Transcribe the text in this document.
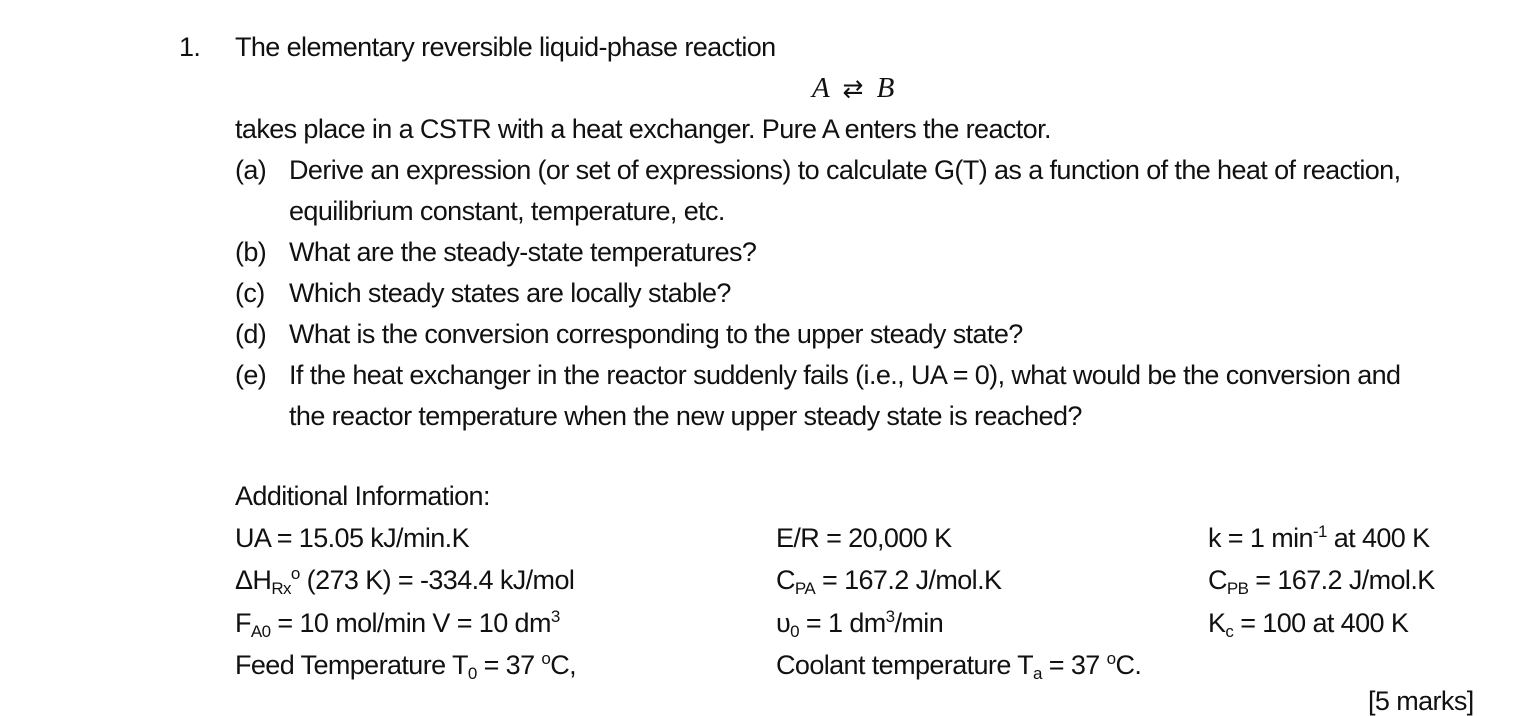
1. The elementary reversible liquid-phase reaction
A ⇄ B
takes place in a CSTR with a heat exchanger. Pure A enters the reactor.
(a) Derive an expression (or set of expressions) to calculate G(T) as a function of the heat of reaction,
equilibrium constant, temperature, etc.
(b) What are the steady-state temperatures?
(c) Which steady states are locally stable?
(d) What is the conversion corresponding to the upper steady state?
(e) If the heat exchanger in the reactor suddenly fails (i.e., UA = 0), what would be the conversion and
the reactor temperature when the new upper steady state is reached?
Additional Information:
UA = 15.05 kJ/min.K
ΔHRx$^o$ (273 K) = -334.4 kJ/mol
FA0 = 10 mol/min V = 10 $dm^3$
Feed Temperature T0 = 37 $^o$C,
E/R = 20,000 K
CPA = 167.2 J/mol.K
υ0 = 1 $dm^3/\min$
Coolant temperature Ta = 37 $^o$C.
k = 1 $\min^{-1}$ at 400 K
CPB = 167.2 J/mol.K
Kc = 100 at 400 K
[5 marks]
